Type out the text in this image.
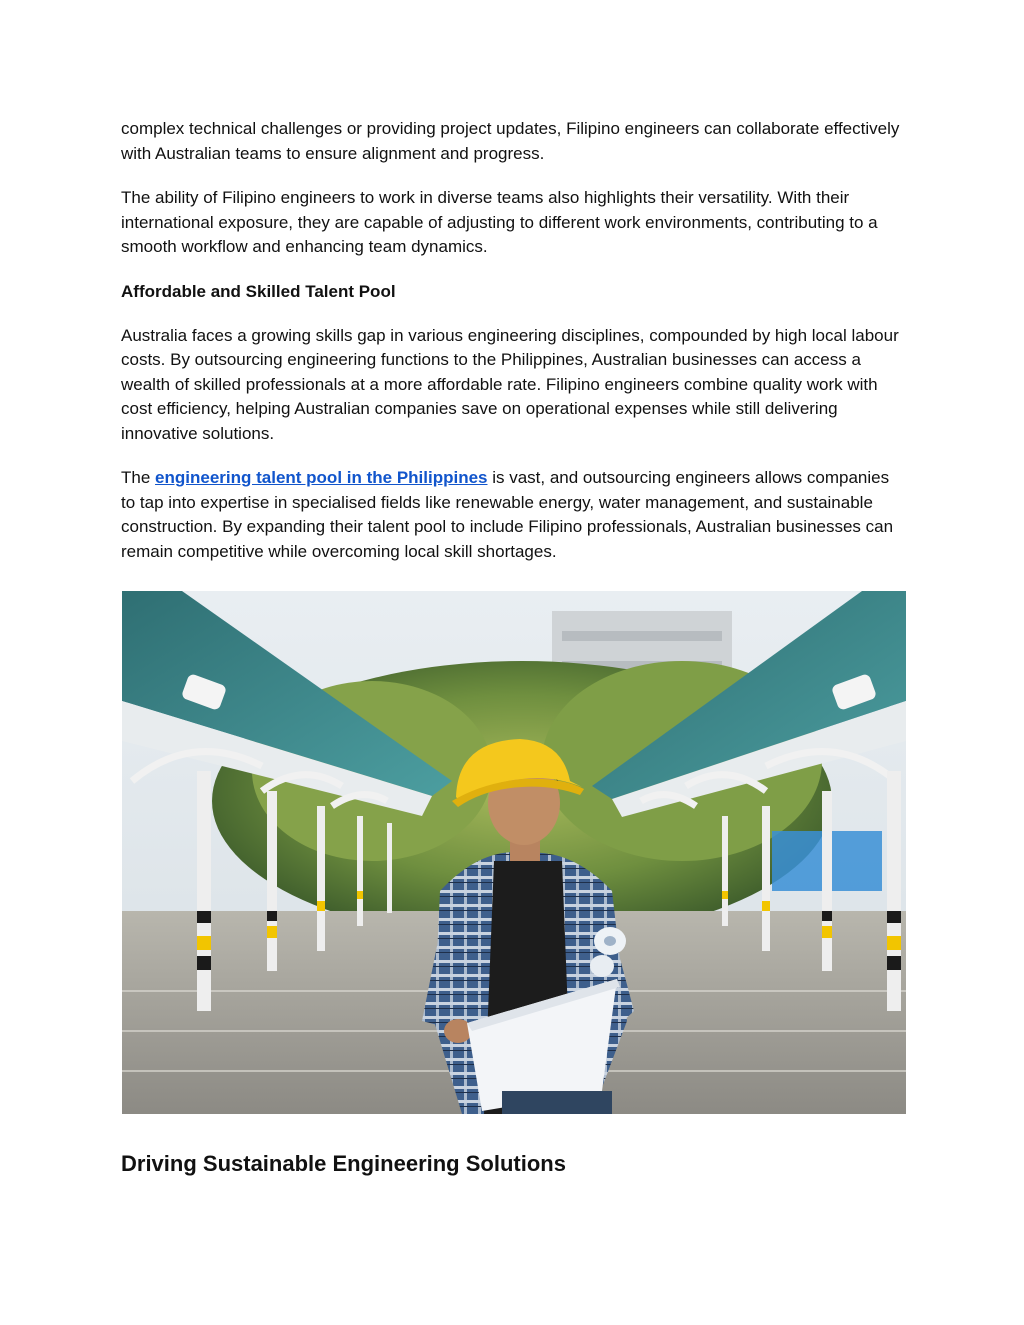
complex technical challenges or providing project updates, Filipino engineers can collaborate effectively with Australian teams to ensure alignment and progress.

The ability of Filipino engineers to work in diverse teams also highlights their versatility. With their international exposure, they are capable of adjusting to different work environments, contributing to a smooth workflow and enhancing team dynamics.

Affordable and Skilled Talent Pool

Australia faces a growing skills gap in various engineering disciplines, compounded by high local labour costs. By outsourcing engineering functions to the Philippines, Australian businesses can access a wealth of skilled professionals at a more affordable rate. Filipino engineers combine quality work with cost efficiency, helping Australian companies save on operational expenses while still delivering innovative solutions.

The engineering talent pool in the Philippines is vast, and outsourcing engineers allows companies to tap into expertise in specialised fields like renewable energy, water management, and sustainable construction. By expanding their talent pool to include Filipino professionals, Australian businesses can remain competitive while overcoming local skill shortages.

Driving Sustainable Engineering Solutions
